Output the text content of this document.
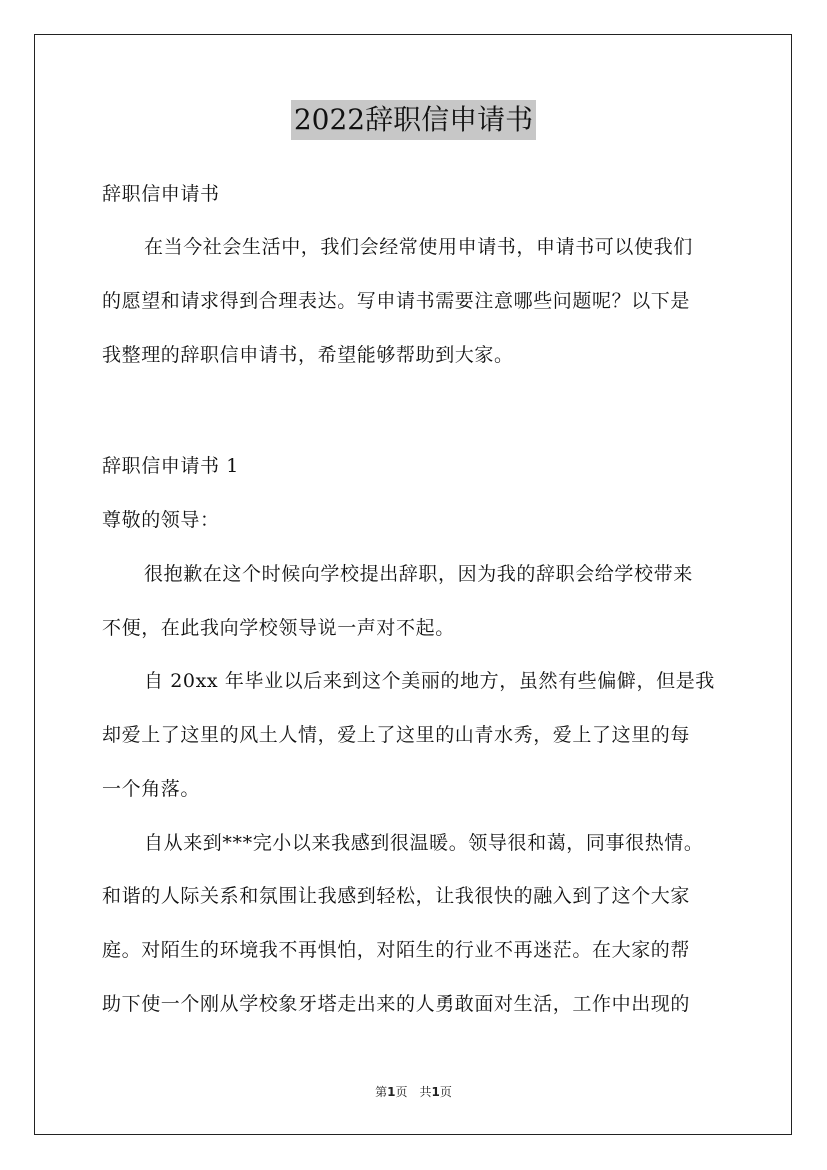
2022辞职信申请书
辞职信申请书
在当今社会生活中，我们会经常使用申请书，申请书可以使我们
的愿望和请求得到合理表达。写申请书需要注意哪些问题呢？以下是
我整理的辞职信申请书，希望能够帮助到大家。
辞职信申请书 1
尊敬的领导：
很抱歉在这个时候向学校提出辞职，因为我的辞职会给学校带来
不便，在此我向学校领导说一声对不起。
自 20xx 年毕业以后来到这个美丽的地方，虽然有些偏僻，但是我
却爱上了这里的风土人情，爱上了这里的山青水秀，爱上了这里的每
一个角落。
自从来到***完小以来我感到很温暖。领导很和蔼，同事很热情。
和谐的人际关系和氛围让我感到轻松，让我很快的融入到了这个大家
庭。对陌生的环境我不再惧怕，对陌生的行业不再迷茫。在大家的帮
助下使一个刚从学校象牙塔走出来的人勇敢面对生活，工作中出现的
第1页 共1页
